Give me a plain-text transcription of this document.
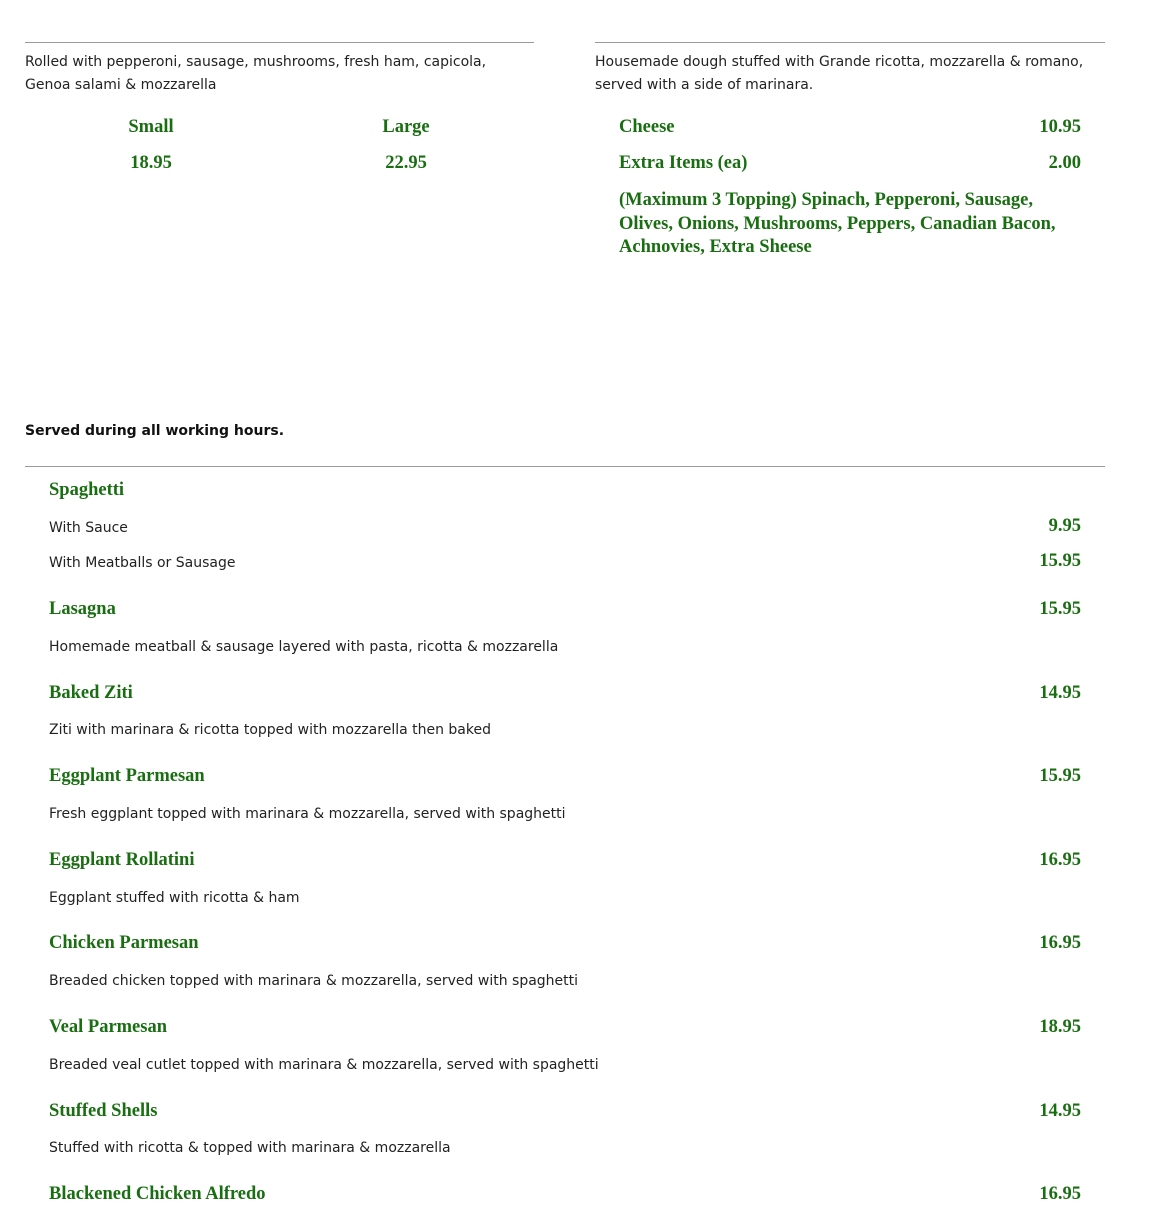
Rolled with pepperoni, sausage, mushrooms, fresh ham, capicola, Genoa salami & mozzarella
Small	Large
18.95	22.95
Housemade dough stuffed with Grande ricotta, mozzarella & romano, served with a side of marinara.
Cheese	10.95
Extra Items (ea)	2.00
(Maximum 3 Topping) Spinach, Pepperoni, Sausage, Olives, Onions, Mushrooms, Peppers, Canadian Bacon, Achnovies, Extra Sheese
Served during all working hours.
Spaghetti
With Sauce	9.95
With Meatballs or Sausage	15.95
Lasagna	15.95
Homemade meatball & sausage layered with pasta, ricotta & mozzarella
Baked Ziti	14.95
Ziti with marinara & ricotta topped with mozzarella then baked
Eggplant Parmesan	15.95
Fresh eggplant topped with marinara & mozzarella, served with spaghetti
Eggplant Rollatini	16.95
Eggplant stuffed with ricotta & ham
Chicken Parmesan	16.95
Breaded chicken topped with marinara & mozzarella, served with spaghetti
Veal Parmesan	18.95
Breaded veal cutlet topped with marinara & mozzarella, served with spaghetti
Stuffed Shells	14.95
Stuffed with ricotta & topped with marinara & mozzarella
Blackened Chicken Alfredo	16.95
